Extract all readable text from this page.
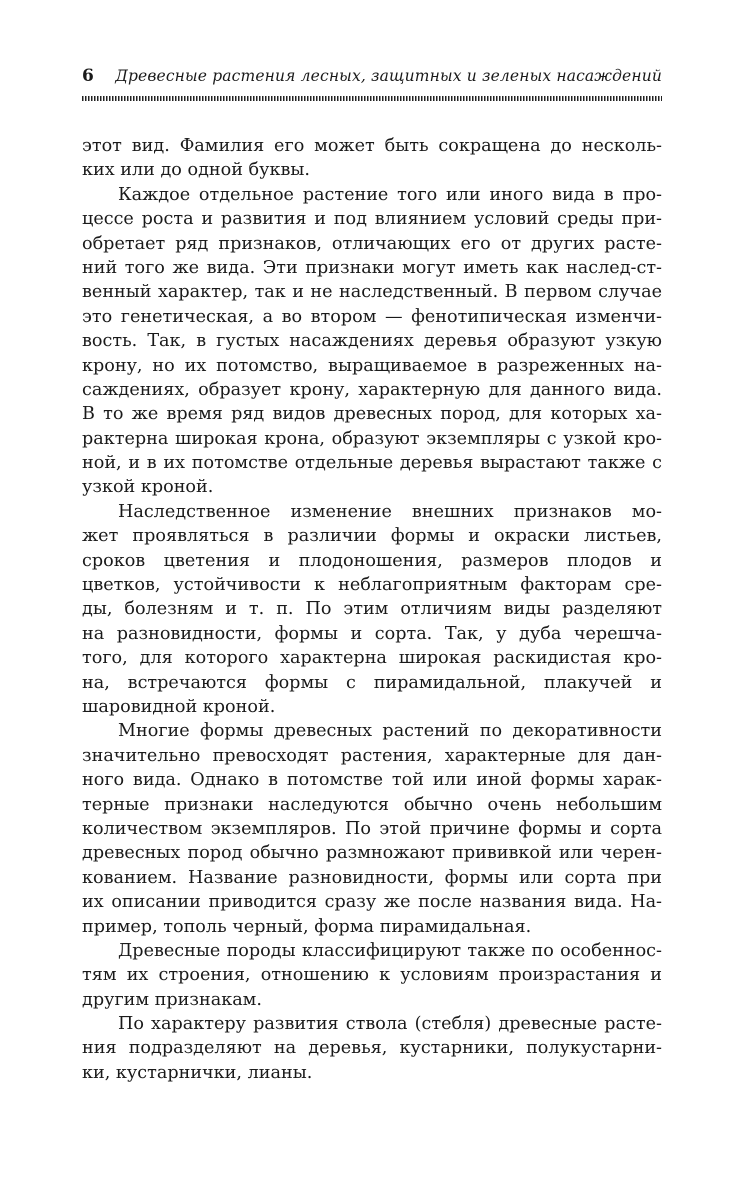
6 Древесные растения лесных, защитных и зеленых насаждений
этот вид. Фамилия его может быть сокращена до несколь-
ких или до одной буквы.
Каждое отдельное растение того или иного вида в про-
цессе роста и развития и под влиянием условий среды при-
обретает ряд признаков, отличающих его от других расте-
ний того же вида. Эти признаки могут иметь как наслед-ст-
венный характер, так и не наследственный. В первом случае
это генетическая, а во втором — фенотипическая изменчи-
вость. Так, в густых насаждениях деревья образуют узкую
крону, но их потомство, выращиваемое в разреженных на-
саждениях, образует крону, характерную для данного вида.
В то же время ряд видов древесных пород, для которых ха-
рактерна широкая крона, образуют экземпляры с узкой кро-
ной, и в их потомстве отдельные деревья вырастают также с
узкой кроной.
Наследственное изменение внешних признаков мо-
жет проявляться в различии формы и окраски листьев,
сроков цветения и плодоношения, размеров плодов и
цветков, устойчивости к неблагоприятным факторам сре-
ды, болезням и т. п. По этим отличиям виды разделяют
на разновидности, формы и сорта. Так, у дуба черешча-
того, для которого характерна широкая раскидистая кро-
на, встречаются формы с пирамидальной, плакучей и
шаровидной кроной.
Многие формы древесных растений по декоративности
значительно превосходят растения, характерные для дан-
ного вида. Однако в потомстве той или иной формы харак-
терные признаки наследуются обычно очень небольшим
количеством экземпляров. По этой причине формы и сорта
древесных пород обычно размножают прививкой или черен-
кованием. Название разновидности, формы или сорта при
их описании приводится сразу же после названия вида. На-
пример, тополь черный, форма пирамидальная.
Древесные породы классифицируют также по особеннос-
тям их строения, отношению к условиям произрастания и
другим признакам.
По характеру развития ствола (стебля) древесные расте-
ния подразделяют на деревья, кустарники, полукустарни-
ки, кустарнички, лианы.
